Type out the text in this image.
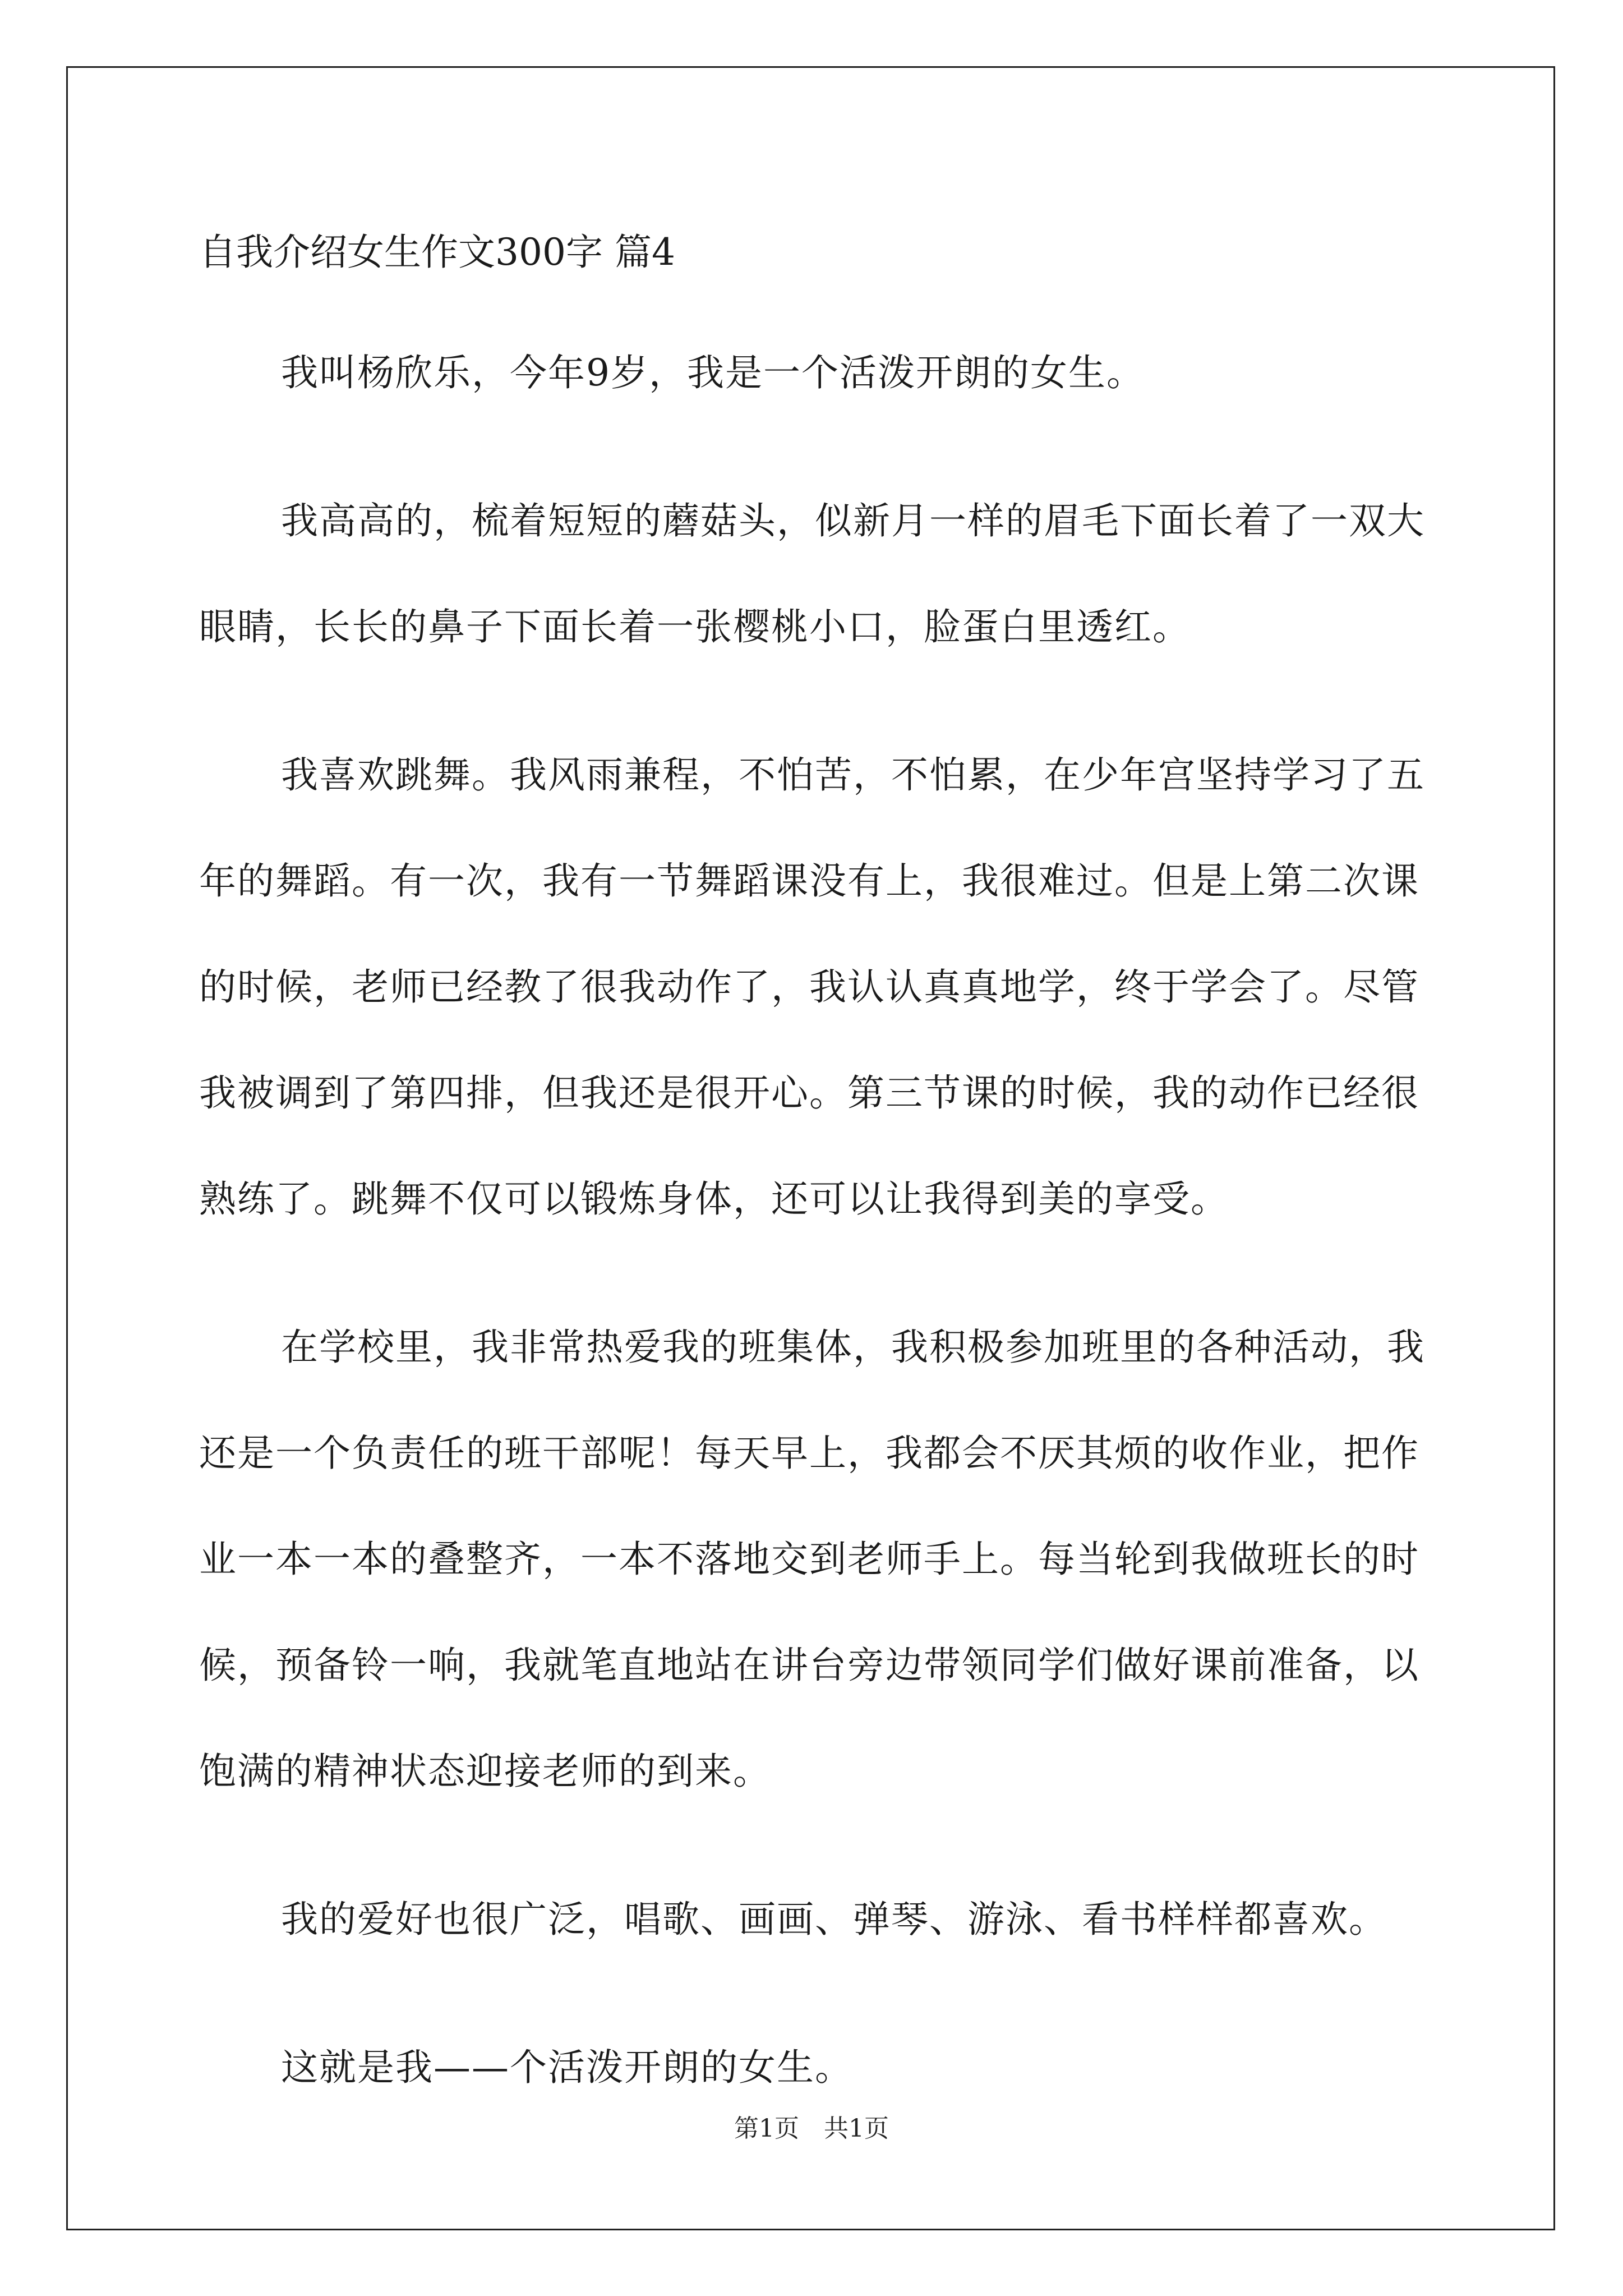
自我介绍女生作文300字 篇4

我叫杨欣乐，今年9岁，我是一个活泼开朗的女生。

我高高的，梳着短短的蘑菇头，似新月一样的眉毛下面长着了一双大眼睛，长长的鼻子下面长着一张樱桃小口，脸蛋白里透红。

我喜欢跳舞。我风雨兼程，不怕苦，不怕累，在少年宫坚持学习了五年的舞蹈。有一次，我有一节舞蹈课没有上，我很难过。但是上第二次课的时候，老师已经教了很我动作了，我认认真真地学，终于学会了。尽管我被调到了第四排，但我还是很开心。第三节课的时候，我的动作已经很熟练了。跳舞不仅可以锻炼身体，还可以让我得到美的享受。

在学校里，我非常热爱我的班集体，我积极参加班里的各种活动，我还是一个负责任的班干部呢！每天早上，我都会不厌其烦的收作业，把作业一本一本的叠整齐，一本不落地交到老师手上。每当轮到我做班长的时候，预备铃一响，我就笔直地站在讲台旁边带领同学们做好课前准备，以饱满的精神状态迎接老师的到来。

我的爱好也很广泛，唱歌、画画、弹琴、游泳、看书样样都喜欢。

这就是我——个活泼开朗的女生。

第1页　共1页
